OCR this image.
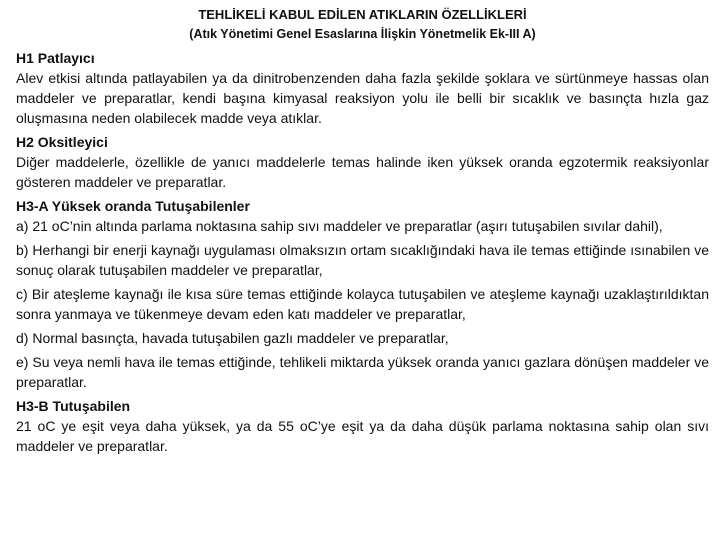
TEHLİKELİ KABUL EDİLEN ATIKLARIN ÖZELLİKLERİ
(Atık Yönetimi Genel Esaslarına İlişkin Yönetmelik Ek-III A)

H1 Patlayıcı

Alev etkisi altında patlayabilen ya da dinitrobenzenden daha fazla şekilde şoklara ve sürtünmeye hassas olan maddeler ve preparatlar, kendi başına kimyasal reaksiyon yolu ile belli bir sıcaklık ve basınçta hızla gaz oluşmasına neden olabilecek madde veya atıklar.

H2 Oksitleyici

Diğer maddelerle, özellikle de yanıcı maddelerle temas halinde iken yüksek oranda egzotermik reaksiyonlar gösteren maddeler ve preparatlar.

H3-A Yüksek oranda Tutuşabilenler

a) 21 oC’nin altında parlama noktasına sahip sıvı maddeler ve preparatlar (aşırı tutuşabilen sıvılar dahil),

b) Herhangi bir enerji kaynağı uygulaması olmaksızın ortam sıcaklığındaki hava ile temas ettiğinde ısınabilen ve sonuç olarak tutuşabilen maddeler ve preparatlar,

c) Bir ateşleme kaynağı ile kısa süre temas ettiğinde kolayca tutuşabilen ve ateşleme kaynağı uzaklaştırıldıktan sonra yanmaya ve tükenmeye devam eden katı maddeler ve preparatlar,

d) Normal basınçta, havada tutuşabilen gazlı maddeler ve preparatlar,

e) Su veya nemli hava ile temas ettiğinde, tehlikeli miktarda yüksek oranda yanıcı gazlara dönüşen maddeler ve preparatlar.

H3-B Tutuşabilen

21 oC ye eşit veya daha yüksek, ya da 55 oC’ye eşit ya da daha düşük parlama noktasına sahip olan sıvı maddeler ve preparatlar.
